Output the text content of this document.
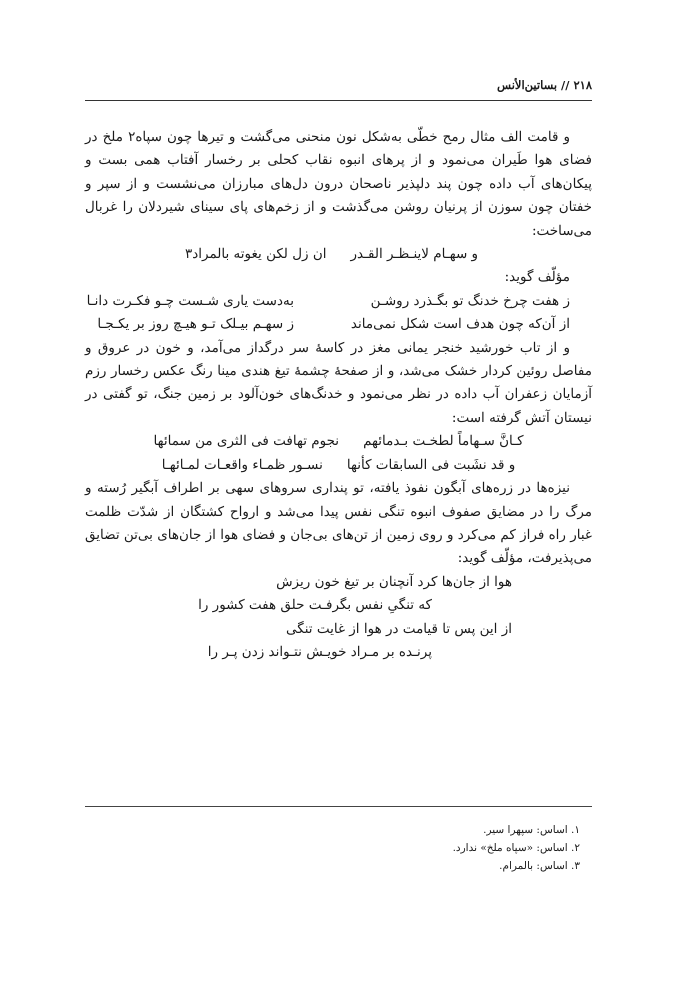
۲۱۸ // بساتين‌الأنس

و قامت الف مثال رمح خطّی به‌شکل نون منحنی می‌گشت و تیرها چون سپاه۲ ملخ در فضای هوا طَیران می‌نمود و از پرهای انبوه نقاب کحلی بر رخسار آفتاب همی بست و پیکان‌های آب داده چون پند دلپذیر ناصحان درون دل‌های مبارزان می‌نشست و از سپر و خفتان چون سوزن از پرنیان روشن می‌گذشت و از زخم‌های پای سینای شیردلان را غربال می‌ساخت:

و سهـام لاینـظـر القـدر
ان زل لکن یغوته بالمراد۳

مؤلّف گوید:

ز هفت چرخ خدنگ تو بگـذرد روشـن
به‌دست یاری شـست چـو فکـرت دانـا
از آن‌که چون هدف است شکل نمی‌ماند
ز سهـم بیـلک تـو هیـچ روز بر یکـجـا

و از تاب خورشید خنجر یمانی مغز در کاسهٔ سر درگداز می‌آمد، و خون در عروق و مفاصل روئین کردار خشک می‌شد، و از صفحهٔ چشمهٔ تیغ هندی مینا رنگ عکس رخسار رزم آزمایان زعفران آب داده در نظر می‌نمود و خدنگ‌های خون‌آلود بر زمین جنگ، تو گفتی در نیستان آتش گرفته است:

کـانَّ سـهاماً لطخـت بـدمائهم
نجوم تهافت فی الثری من سمائها
و قد نشَبت فی السابقات کأنها
نسـور ظمـاء واقعـات لمـائهـا

نیزه‌ها در زره‌های آبگون نفوذ یافته، تو پنداری سروهای سهی بر اطراف آبگیر رُسته و مرگ را در مضایق صفوف انبوه تنگی نفس پیدا می‌شد و ارواح کشتگان از شدّت ظلمت غبار راه فراز کم می‌کرد و روی زمین از تن‌های بی‌جان و فضای هوا از جان‌های بی‌تن تضایق می‌پذیرفت، مؤلّف گوید:

هوا از جان‌ها کرد آنچنان بر تیغ خون ریزش
که تنگیِ نفس بگرفـت حلق هفت کشور را
از این پس تا قیامت در هوا از غایت تنگی
پرنـده بر مـراد خویـش نتـواند زدن پـر را
۱. اساس: سپهرا سیر.
۲. اساس: «سپاه ملخ» ندارد.
۳. اساس: بالمرام.
